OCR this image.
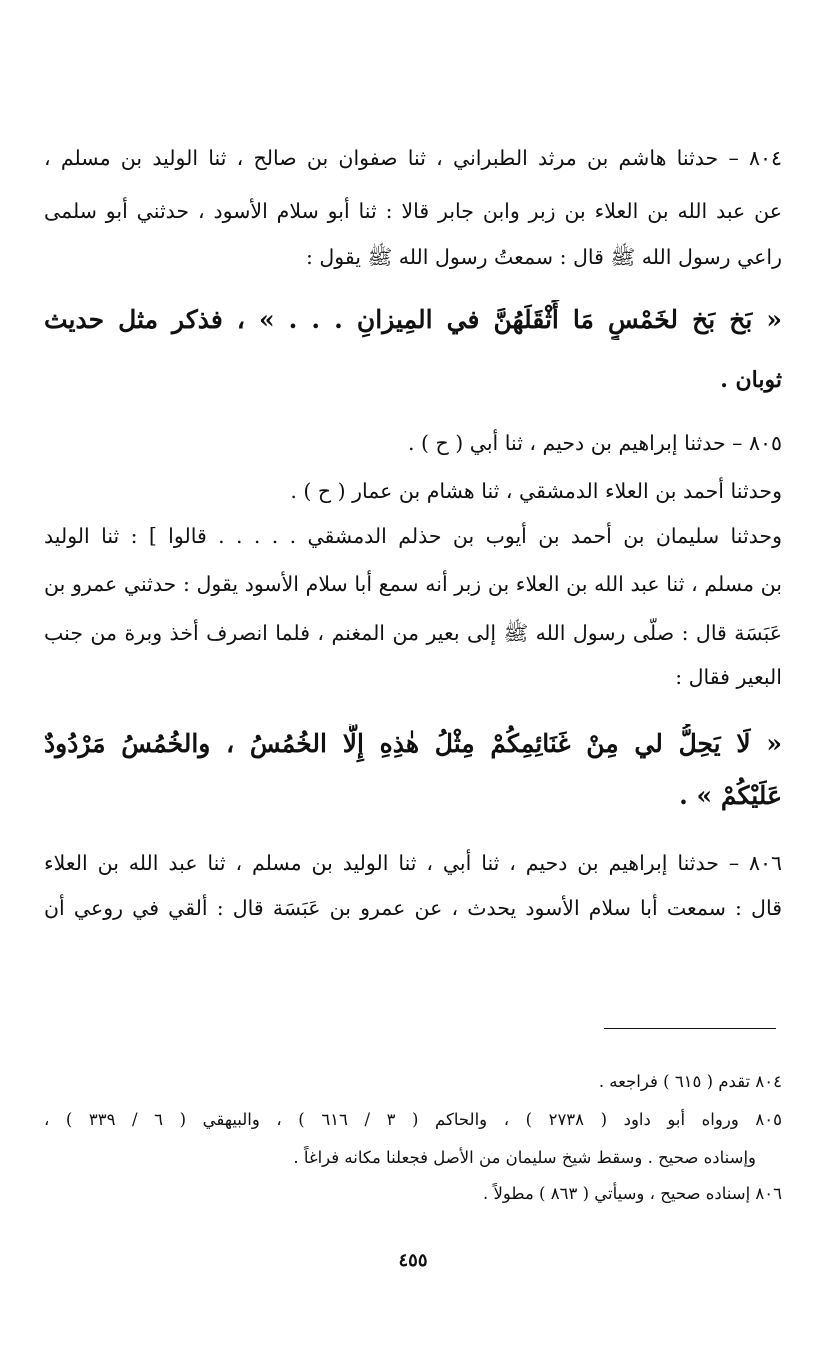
٨٠٤ – حدثنا هاشم بن مرثد الطبراني ، ثنا صفوان بن صالح ، ثنا الوليد بن مسلم ،
عن عبد الله بن العلاء بن زبر وابن جابر قالا : ثنا أبو سلام الأسود ، حدثني أبو سلمى
راعي رسول الله ﷺ قال : سمعتُ رسول الله ﷺ يقول :
« بَخ بَخ لخَمْسٍ مَا أَثْقَلَهُنَّ في المِيزانِ . . . » ، فذكر مثل حديث
ثوبان .
٨٠٥ – حدثنا إبراهيم بن دحيم ، ثنا أبي ( ح ) .
وحدثنا أحمد بن العلاء الدمشقي ، ثنا هشام بن عمار ( ح ) .
وحدثنا سليمان بن أحمد بن أيوب بن حذلم الدمشقي . . . . . قالوا ] : ثنا الوليد
بن مسلم ، ثنا عبد الله بن العلاء بن زبر أنه سمع أبا سلام الأسود يقول : حدثني عمرو بن
عَبَسَة قال : صلّى رسول الله ﷺ إلى بعير من المغنم ، فلما انصرف أخذ وبرة من جنب
البعير فقال :
« لَا يَحِلُّ لي مِنْ غَنَائِمِكُمْ مِثْلُ هٰذِهِ إِلَّا الخُمُسُ ، والخُمُسُ مَرْدُودٌ
عَلَيْكُمْ » .
٨٠٦ – حدثنا إبراهيم بن دحيم ، ثنا أبي ، ثنا الوليد بن مسلم ، ثنا عبد الله بن العلاء
قال : سمعت أبا سلام الأسود يحدث ، عن عمرو بن عَبَسَة قال : ألقي في روعي أن
٨٠٤ تقدم ( ٦١٥ ) فراجعه .
٨٠٥ ورواه أبو داود ( ٢٧٣٨ ) ، والحاكم ( ٣ / ٦١٦ ) ، والبيهقي ( ٦ / ٣٣٩ ) ،
وإسناده صحيح . وسقط شيخ سليمان من الأصل فجعلنا مكانه فراغاً .
٨٠٦ إسناده صحيح ، وسيأتي ( ٨٦٣ ) مطولاً .
٤٥٥
